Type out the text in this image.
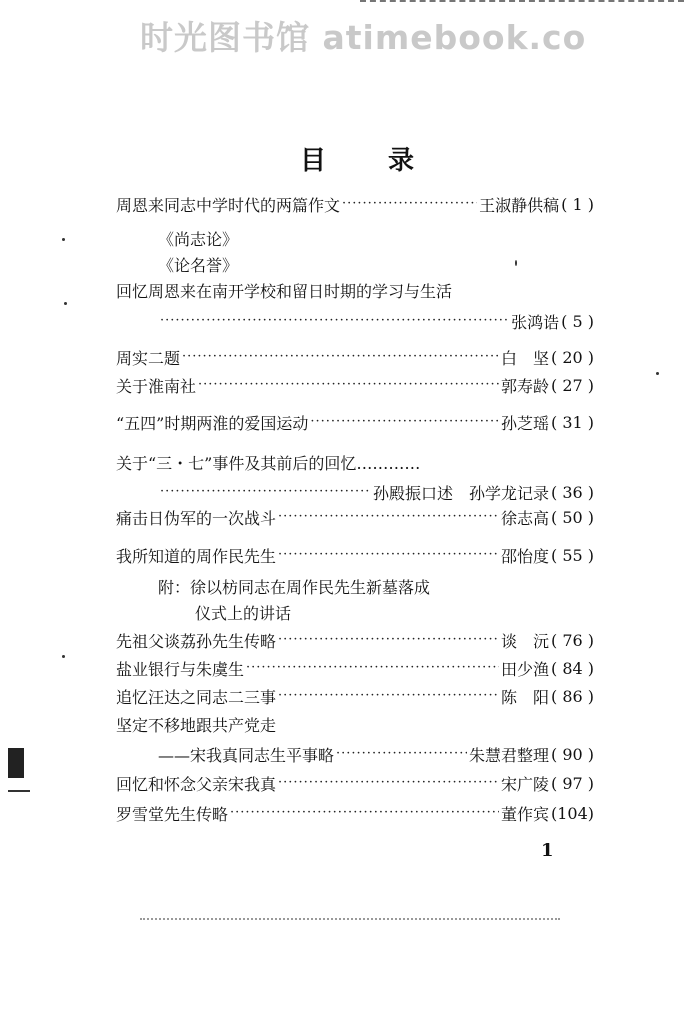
时光图书馆 atimebook.co
目录
周恩来同志中学时代的两篇作文 ·····	王淑静供稿 ( 1 )
《尚志论》
《论名誉》
回忆周恩来在南开学校和留日时期的学习与生活
·····
张鸿诰 ( 5 )
周实二题 ·····	白　坚 ( 20 )
关于淮南社 ·····	郭寿龄 ( 27 )
“五四”时期两淮的爱国运动 ·····	孙芝瑶 ( 31 )
关于“三・七”事件及其前后的回忆…………
·····
孙殿振口述　孙学龙记录 ( 36 )
痛击日伪军的一次战斗 ·····	徐志高 ( 50 )
我所知道的周作民先生 ·····	邵怡度 ( 55 )
附：徐以枋同志在周作民先生新墓落成
仪式上的讲话
先祖父谈荔孙先生传略 ·····	谈　沅 ( 76 )
盐业银行与朱虞生 ·····	田少渔 ( 84 )
追忆汪达之同志二三事 ·····	陈　阳 ( 86 )
坚定不移地跟共产党走
——宋我真同志生平事略 ·····	朱慧君整理 ( 90 )
回忆和怀念父亲宋我真 ·····	宋广陵 ( 97 )
罗雪堂先生传略 ·····	董作宾 (104)
1
